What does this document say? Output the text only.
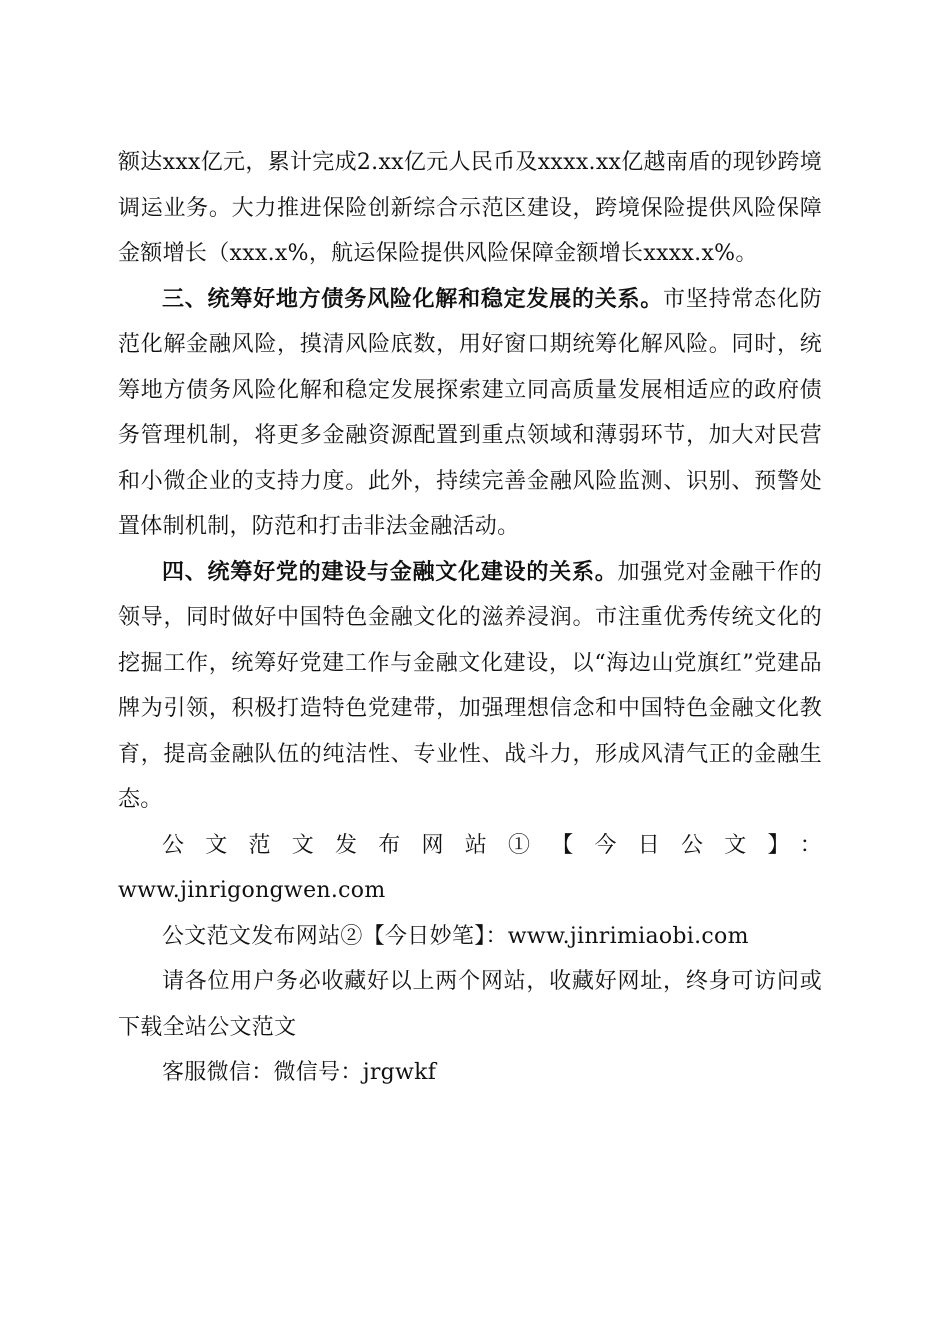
额达xxx亿元，累计完成2.xx亿元人民币及xxxx.xx亿越南盾的现钞跨境调运业务。大力推进保险创新综合示范区建设，跨境保险提供风险保障金额增长（xxx.x%，航运保险提供风险保障金额增长xxxx.x%。

三、统筹好地方债务风险化解和稳定发展的关系。市坚持常态化防范化解金融风险，摸清风险底数，用好窗口期统筹化解风险。同时，统筹地方债务风险化解和稳定发展探索建立同高质量发展相适应的政府债务管理机制，将更多金融资源配置到重点领域和薄弱环节，加大对民营和小微企业的支持力度。此外，持续完善金融风险监测、识别、预警处置体制机制，防范和打击非法金融活动。

四、统筹好党的建设与金融文化建设的关系。加强党对金融干作的领导，同时做好中国特色金融文化的滋养浸润。市注重优秀传统文化的挖掘工作，统筹好党建工作与金融文化建设，以“海边山党旗红”党建品牌为引领，积极打造特色党建带，加强理想信念和中国特色金融文化教育，提高金融队伍的纯洁性、专业性、战斗力，形成风清气正的金融生态。

公文范文发布网站①【今日公文】：

www.jinrigongwen.com

公文范文发布网站②【今日妙笔】：www.jinrimiaobi.com

请各位用户务必收藏好以上两个网站，收藏好网址，终身可访问或下载全站公文范文

客服微信：微信号：jrgwkf
